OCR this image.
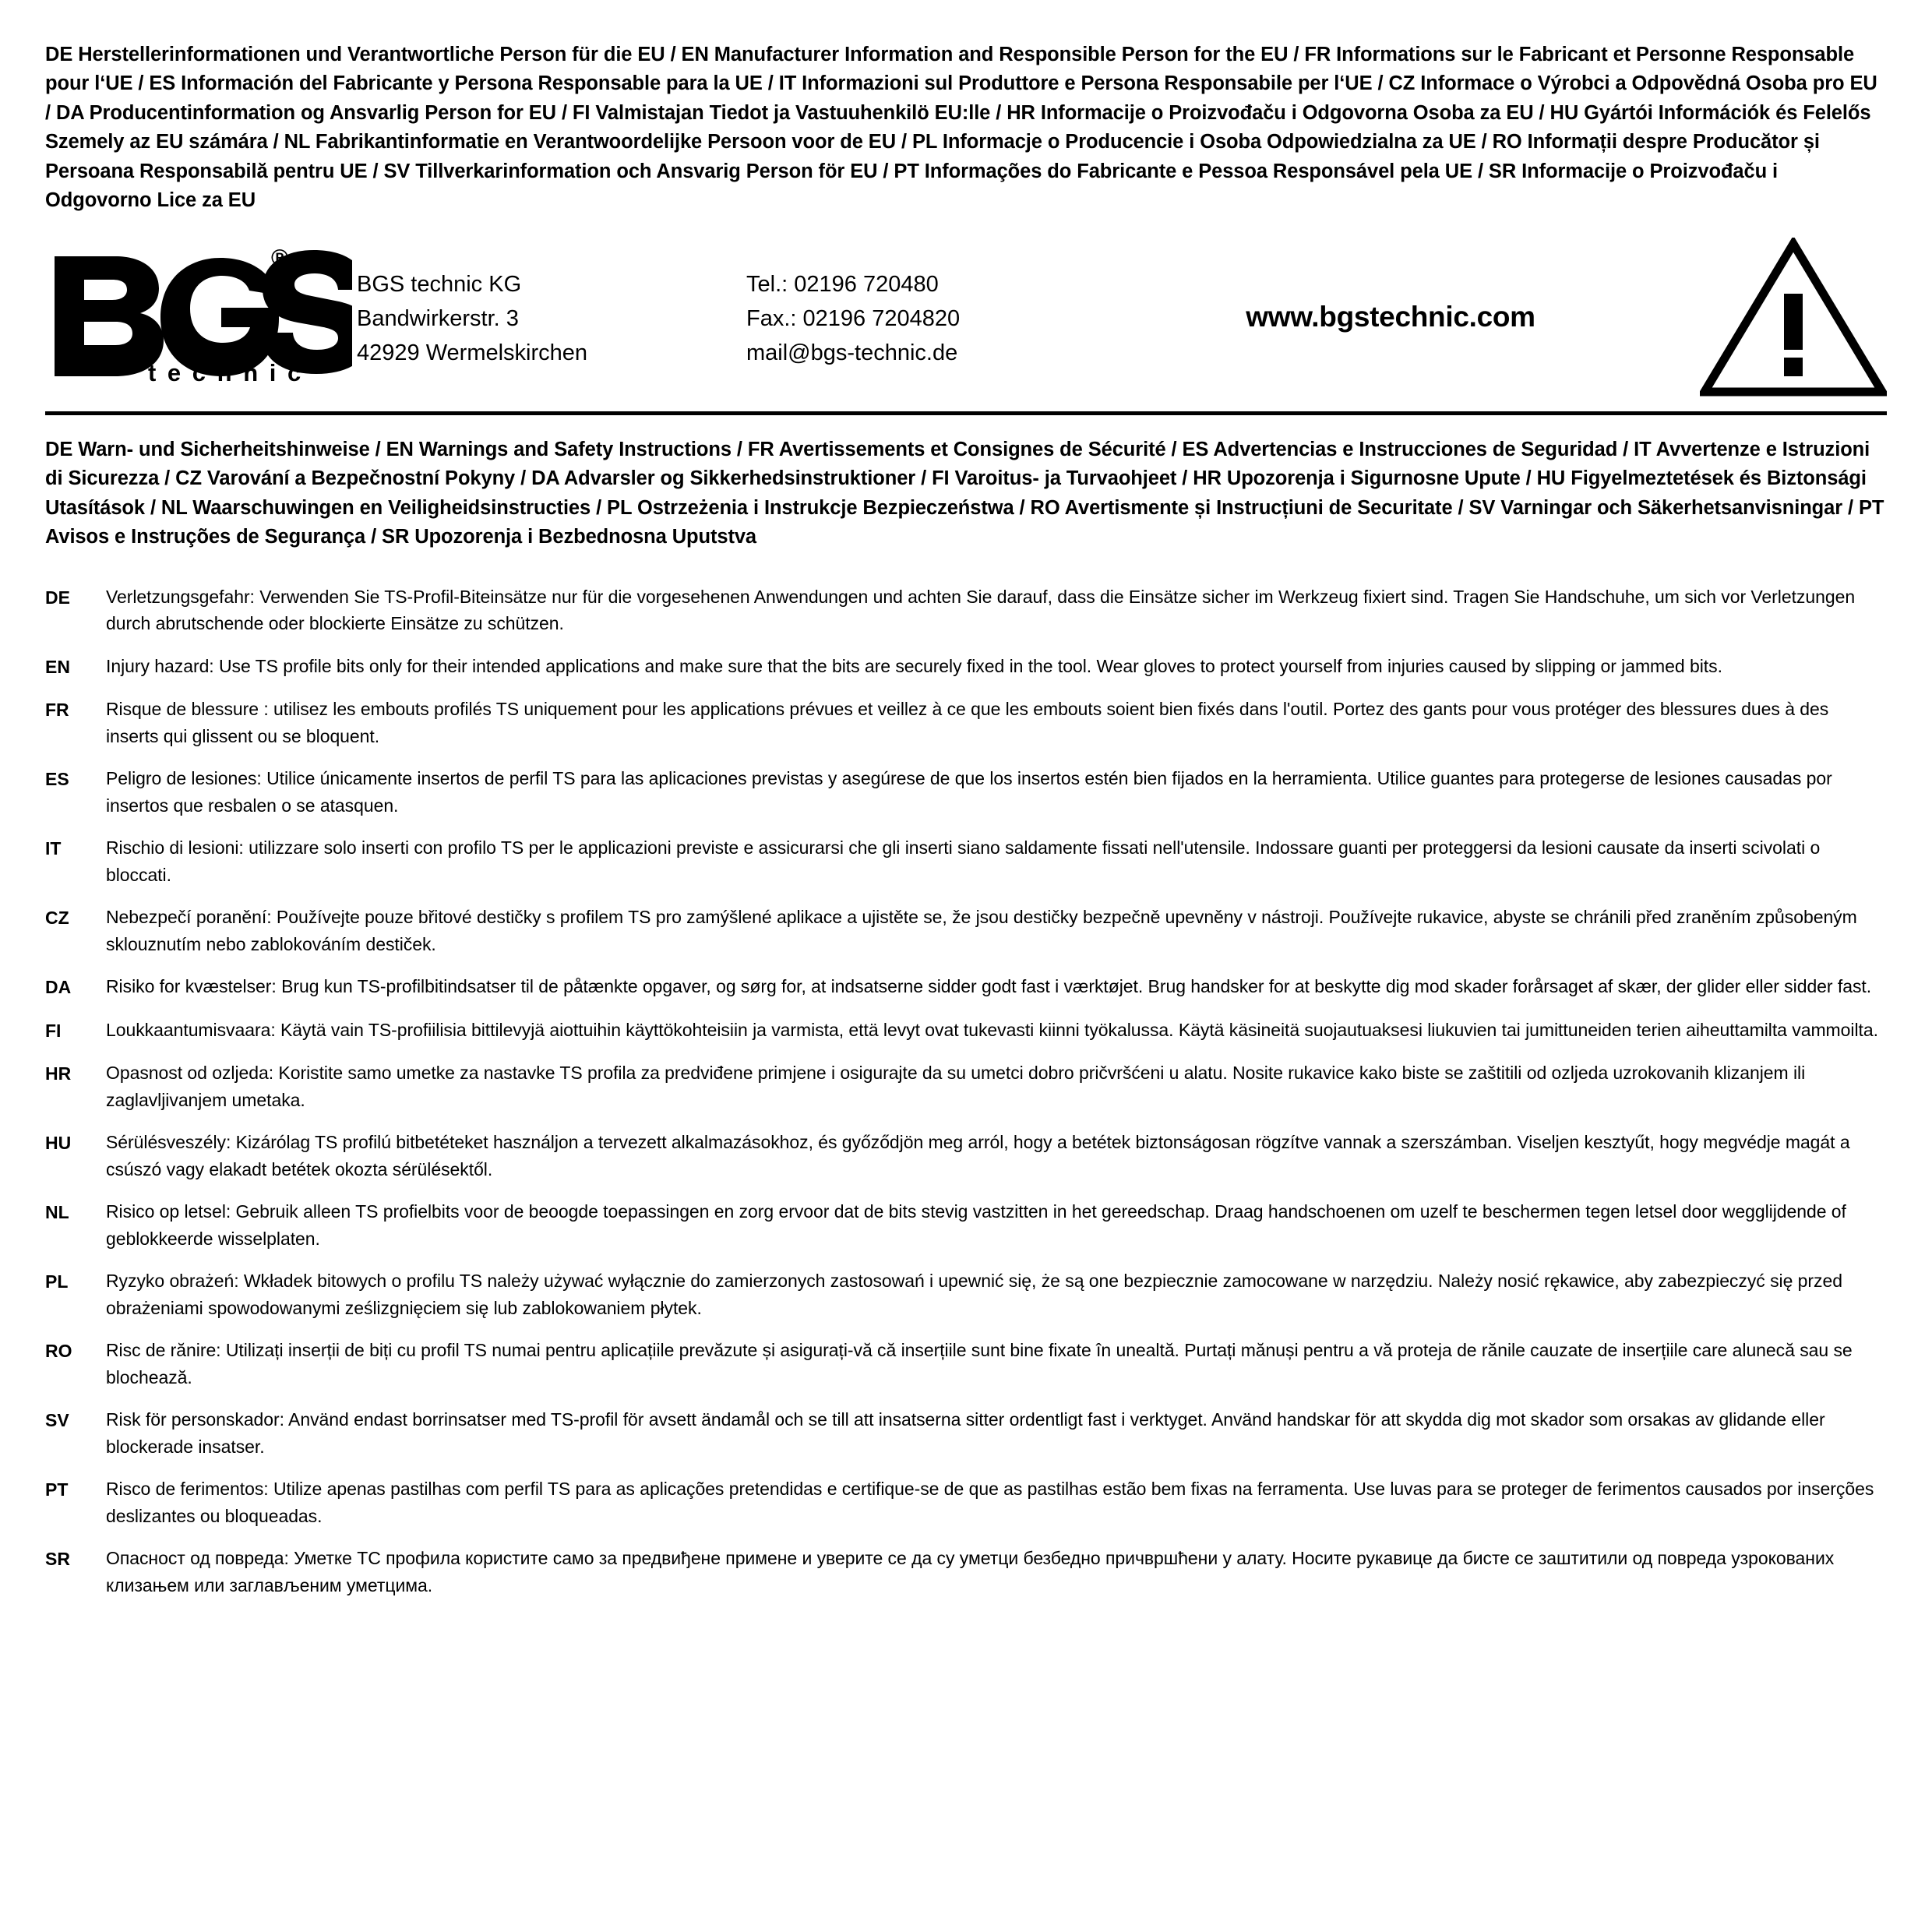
DE Herstellerinformationen und Verantwortliche Person für die EU / EN Manufacturer Information and Responsible Person for the EU / FR Informations sur le Fabricant et Personne Responsable pour l‘UE / ES Información del Fabricante y Persona Responsable para la UE / IT Informazioni sul Produttore e Persona Responsabile per l‘UE / CZ Informace o Výrobci a Odpovědná Osoba pro EU / DA Producentinformation og Ansvarlig Person for EU / FI Valmistajan Tiedot ja Vastuuhenkilö EU:lle / HR Informacije o Proizvođaču i Odgovorna Osoba za EU / HU Gyártói Információk és Felelős Szemely az EU számára / NL Fabrikantinformatie en Verantwoordelijke Persoon voor de EU / PL Informacje o Producencie i Osoba Odpowiedzialna za UE / RO Informații despre Producător și Persoana Responsabilă pentru UE / SV Tillverkarinformation och Ansvarig Person för EU / PT Informações do Fabricante e Pessoa Responsável pela UE / SR Informacije o Proizvođaču i Odgovorno Lice za EU
®
t e c h n i c
BGS technic KG
Bandwirkerstr. 3
42929 Wermelskirchen
Tel.: 02196 720480
Fax.: 02196 7204820
mail@bgs-technic.de
www.bgstechnic.com
DE Warn- und Sicherheitshinweise / EN Warnings and Safety Instructions / FR Avertissements et Consignes de Sécurité / ES Advertencias e Instrucciones de Seguridad / IT Avvertenze e Istruzioni di Sicurezza / CZ Varování a Bezpečnostní Pokyny / DA Advarsler og Sikkerhedsinstruktioner / FI Varoitus- ja Turvaohjeet / HR Upozorenja i Sigurnosne Upute / HU Figyelmeztetések és Biztonsági Utasítások / NL Waarschuwingen en Veiligheidsinstructies / PL Ostrzeżenia i Instrukcje Bezpieczeństwa / RO Avertismente și Instrucțiuni de Securitate / SV Varningar och Säkerhetsanvisningar / PT Avisos e Instruções de Segurança / SR Upozorenja i Bezbednosna Uputstva
DE	Verletzungsgefahr: Verwenden Sie TS-Profil-Biteinsätze nur für die vorgesehenen Anwendungen und achten Sie darauf, dass die Einsätze sicher im Werkzeug fixiert sind. Tragen Sie Handschuhe, um sich vor Verletzungen durch abrutschende oder blockierte Einsätze zu schützen.
EN	Injury hazard: Use TS profile bits only for their intended applications and make sure that the bits are securely fixed in the tool. Wear gloves to protect yourself from injuries caused by slipping or jammed bits.
FR	Risque de blessure : utilisez les embouts profilés TS uniquement pour les applications prévues et veillez à ce que les embouts soient bien fixés dans l'outil. Portez des gants pour vous protéger des blessures dues à des inserts qui glissent ou se bloquent.
ES	Peligro de lesiones: Utilice únicamente insertos de perfil TS para las aplicaciones previstas y asegúrese de que los insertos estén bien fijados en la herramienta. Utilice guantes para protegerse de lesiones causadas por insertos que resbalen o se atasquen.
IT	Rischio di lesioni: utilizzare solo inserti con profilo TS per le applicazioni previste e assicurarsi che gli inserti siano saldamente fissati nell'utensile. Indossare guanti per proteggersi da lesioni causate da inserti scivolati o bloccati.
CZ	Nebezpečí poranění: Používejte pouze břitové destičky s profilem TS pro zamýšlené aplikace a ujistěte se, že jsou destičky bezpečně upevněny v nástroji. Používejte rukavice, abyste se chránili před zraněním způsobeným sklouznutím nebo zablokováním destiček.
DA	Risiko for kvæstelser: Brug kun TS-profilbitindsatser til de påtænkte opgaver, og sørg for, at indsatserne sidder godt fast i værktøjet. Brug handsker for at beskytte dig mod skader forårsaget af skær, der glider eller sidder fast.
FI	Loukkaantumisvaara: Käytä vain TS-profiilisia bittilevyjä aiottuihin käyttökohteisiin ja varmista, että levyt ovat tukevasti kiinni työkalussa. Käytä käsineitä suojautuaksesi liukuvien tai jumittuneiden terien aiheuttamilta vammoilta.
HR	Opasnost od ozljeda: Koristite samo umetke za nastavke TS profila za predviđene primjene i osigurajte da su umetci dobro pričvršćeni u alatu. Nosite rukavice kako biste se zaštitili od ozljeda uzrokovanih klizanjem ili zaglavljivanjem umetaka.
HU	Sérülésveszély: Kizárólag TS profilú bitbetéteket használjon a tervezett alkalmazásokhoz, és győződjön meg arról, hogy a betétek biztonságosan rögzítve vannak a szerszámban. Viseljen kesztyűt, hogy megvédje magát a csúszó vagy elakadt betétek okozta sérülésektől.
NL	Risico op letsel: Gebruik alleen TS profielbits voor de beoogde toepassingen en zorg ervoor dat de bits stevig vastzitten in het gereedschap. Draag handschoenen om uzelf te beschermen tegen letsel door wegglijdende of geblokkeerde wisselplaten.
PL	Ryzyko obrażeń: Wkładek bitowych o profilu TS należy używać wyłącznie do zamierzonych zastosowań i upewnić się, że są one bezpiecznie zamocowane w narzędziu. Należy nosić rękawice, aby zabezpieczyć się przed obrażeniami spowodowanymi ześlizgnięciem się lub zablokowaniem płytek.
RO	Risc de rănire: Utilizați inserții de biți cu profil TS numai pentru aplicațiile prevăzute și asigurați-vă că inserțiile sunt bine fixate în unealtă. Purtați mănuși pentru a vă proteja de rănile cauzate de inserțiile care alunecă sau se blochează.
SV	Risk för personskador: Använd endast borrinsatser med TS-profil för avsett ändamål och se till att insatserna sitter ordentligt fast i verktyget. Använd handskar för att skydda dig mot skador som orsakas av glidande eller blockerade insatser.
PT	Risco de ferimentos: Utilize apenas pastilhas com perfil TS para as aplicações pretendidas e certifique-se de que as pastilhas estão bem fixas na ferramenta. Use luvas para se proteger de ferimentos causados por inserções deslizantes ou bloqueadas.
SR	Опасност од повреда: Уметке ТС профила користите само за предвиђене примене и уверите се да су уметци безбедно причвршћени у алату. Носите рукавице да бисте се заштитили од повреда узрокованих клизањем или заглављеним уметцима.
